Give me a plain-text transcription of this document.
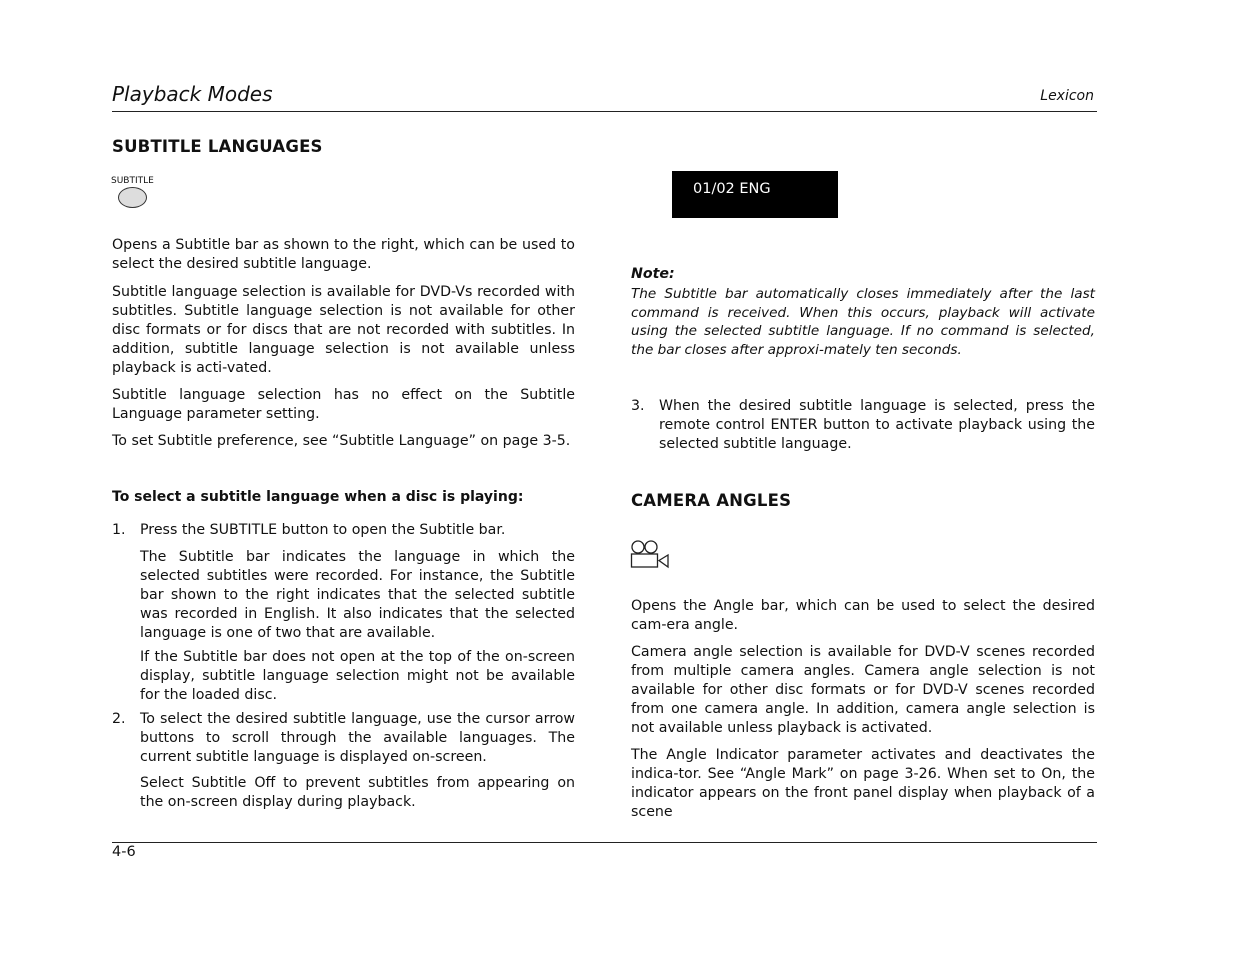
Playback Modes	Lexicon
SUBTITLE LANGUAGES
SUBTITLE

Opens a Subtitle bar as shown to the right, which can be used to select the desired subtitle language.

Subtitle language selection is available for DVD-Vs recorded with subtitles. Subtitle language selection is not available for other disc formats or for discs that are not recorded with subtitles. In addition, subtitle language selection is not available unless playback is acti-vated.

Subtitle language selection has no effect on the Subtitle Language parameter setting.

To set Subtitle preference, see “Subtitle Language” on page 3-5.

To select a subtitle language when a disc is playing:
1. Press the SUBTITLE button to open the Subtitle bar.

The Subtitle bar indicates the language in which the selected subtitles were recorded. For instance, the Subtitle bar shown to the right indicates that the selected subtitle was recorded in English. It also indicates that the selected language is one of two that are available.

If the Subtitle bar does not open at the top of the on-screen display, subtitle language selection might not be available for the loaded disc.

2. To select the desired subtitle language, use the cursor arrow buttons to scroll through the available languages. The current subtitle language is displayed on-screen.

Select Subtitle Off to prevent subtitles from appearing on the on-screen display during playback.

01/02 ENG
Note:

The Subtitle bar automatically closes immediately after the last command is received. When this occurs, playback will activate using the selected subtitle language. If no command is selected, the bar closes after approxi-mately ten seconds.

3. When the desired subtitle language is selected, press the remote control ENTER button to activate playback using the selected subtitle language.

CAMERA ANGLES

Opens the Angle bar, which can be used to select the desired cam-era angle.

Camera angle selection is available for DVD-V scenes recorded from multiple camera angles. Camera angle selection is not available for other disc formats or for DVD-V scenes recorded from one camera angle. In addition, camera angle selection is not available unless playback is activated.

The Angle Indicator parameter activates and deactivates the indica-tor. See “Angle Mark” on page 3-26. When set to On, the indicator appears on the front panel display when playback of a scene

4-6
